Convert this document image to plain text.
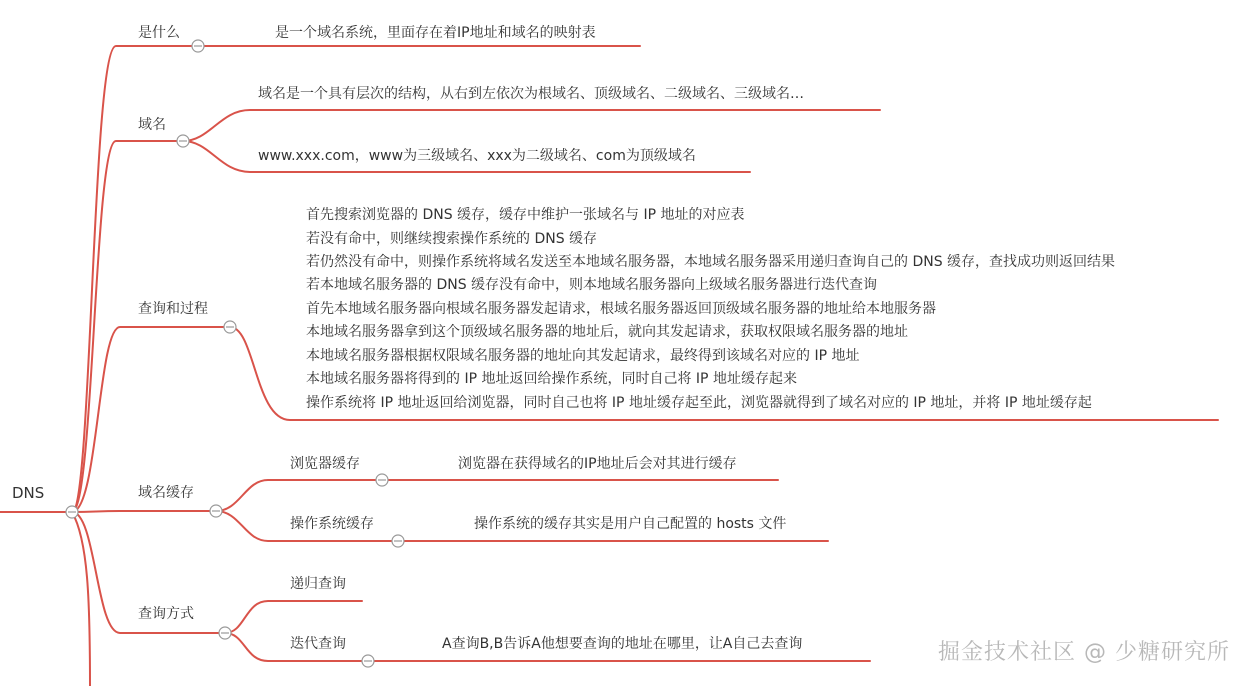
DNS
是什么	是一个域名系统，里面存在着IP地址和域名的映射表
域名
域名是一个具有层次的结构，从右到左依次为根域名、顶级域名、二级域名、三级域名…
www.xxx.com，www为三级域名、xxx为二级域名、com为顶级域名
查询和过程
首先搜索浏览器的 DNS 缓存，缓存中维护一张域名与 IP 地址的对应表
若没有命中，则继续搜索操作系统的 DNS 缓存
若仍然没有命中，则操作系统将域名发送至本地域名服务器，本地域名服务器采用递归查询自己的 DNS 缓存，查找成功则返回结果
若本地域名服务器的 DNS 缓存没有命中，则本地域名服务器向上级域名服务器进行迭代查询
首先本地域名服务器向根域名服务器发起请求，根域名服务器返回顶级域名服务器的地址给本地服务器
本地域名服务器拿到这个顶级域名服务器的地址后，就向其发起请求，获取权限域名服务器的地址
本地域名服务器根据权限域名服务器的地址向其发起请求，最终得到该域名对应的 IP 地址
本地域名服务器将得到的 IP 地址返回给操作系统，同时自己将 IP 地址缓存起来
操作系统将 IP 地址返回给浏览器，同时自己也将 IP 地址缓存起至此，浏览器就得到了域名对应的 IP 地址，并将 IP 地址缓存起
域名缓存
浏览器缓存	浏览器在获得域名的IP地址后会对其进行缓存
操作系统缓存	操作系统的缓存其实是用户自己配置的 hosts 文件
查询方式
递归查询
迭代查询	A查询B,B告诉A他想要查询的地址在哪里，让A自己去查询	掘金技术社区 @ 少糖研究所
